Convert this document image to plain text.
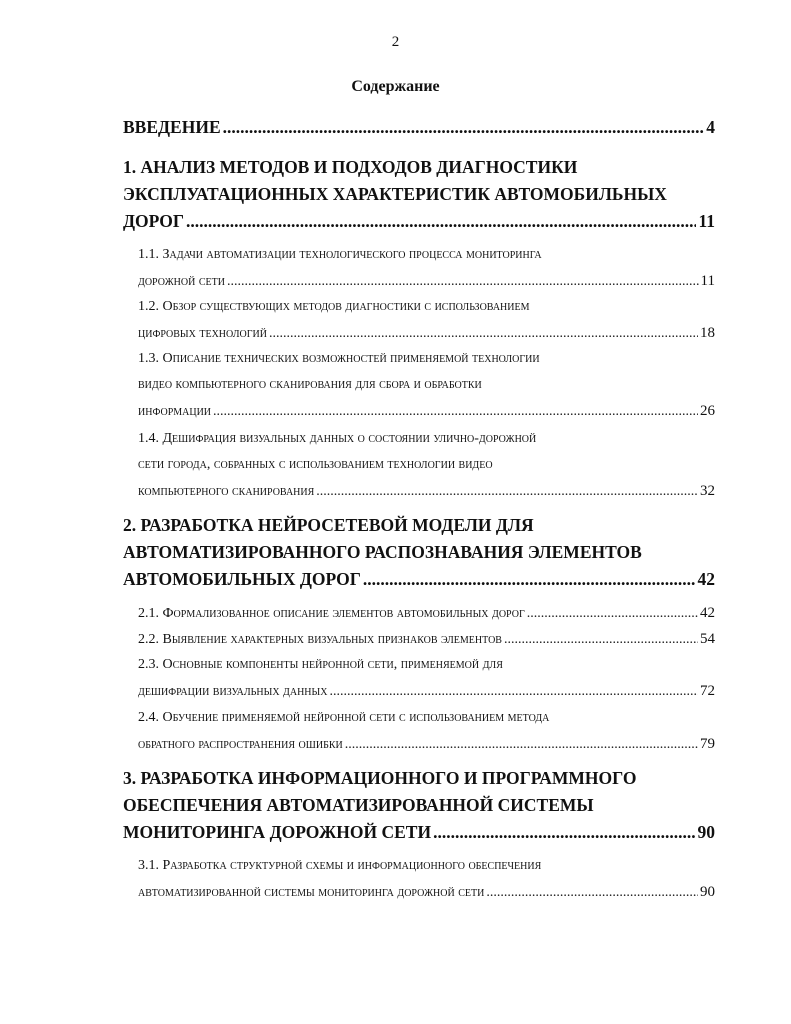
2
Содержание
ВВЕДЕНИЕ .....	4
1. АНАЛИЗ МЕТОДОВ И ПОДХОДОВ ДИАГНОСТИКИ
ЭКСПЛУАТАЦИОННЫХ ХАРАКТЕРИСТИК АВТОМОБИЛЬНЫХ
ДОРОГ .....	11
1.1. Задачи автоматизации технологического процесса мониторинга
дорожной сети .....	11
1.2. Обзор существующих методов диагностики с использованием
цифровых технологий .....	18
1.3. Описание технических возможностей применяемой технологии
видео компьютерного сканирования для сбора и обработки
информации .....	26
1.4. Дешифрация визуальных данных о состоянии улично-дорожной
сети города, собранных с использованием технологии видео
компьютерного сканирования .....	32
2. РАЗРАБОТКА НЕЙРОСЕТЕВОЙ МОДЕЛИ ДЛЯ
АВТОМАТИЗИРОВАННОГО РАСПОЗНАВАНИЯ ЭЛЕМЕНТОВ
АВТОМОБИЛЬНЫХ ДОРОГ .....	42
2.1. Формализованное описание элементов автомобильных дорог .....	42
2.2. Выявление характерных визуальных признаков элементов .....	54
2.3. Основные компоненты нейронной сети, применяемой для
дешифрации визуальных данных .....	72
2.4. Обучение применяемой нейронной сети с использованием метода
обратного распространения ошибки .....	79
3. РАЗРАБОТКА ИНФОРМАЦИОННОГО И ПРОГРАММНОГО
ОБЕСПЕЧЕНИЯ АВТОМАТИЗИРОВАННОЙ СИСТЕМЫ
МОНИТОРИНГА ДОРОЖНОЙ СЕТИ .....	90
3.1. Разработка структурной схемы и информационного обеспечения
автоматизированной системы мониторинга дорожной сети .....	90
